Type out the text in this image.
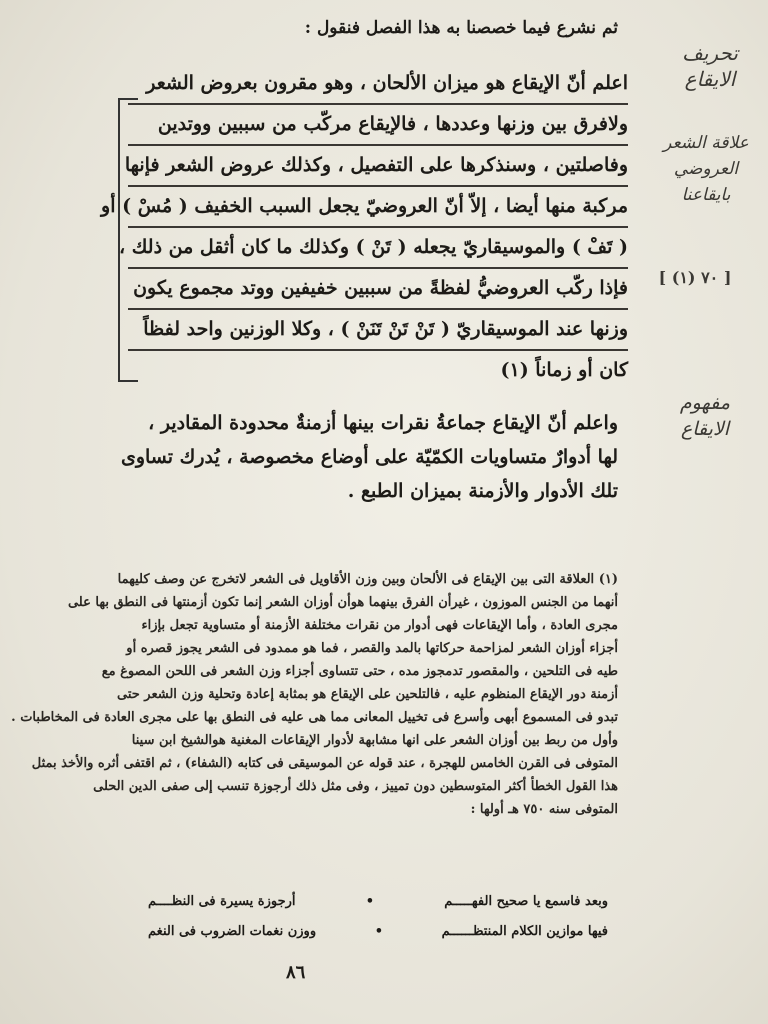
ثم نشرع فيما خصصنا به هذا الفصل فنقول :
اعلم أنّ الإيقاع هو ميزان الألحان ، وهو مقرون بعروض الشعر
ولافرق بين وزنها وعددها ، فالإيقاع مركّب من سببين ووتدين
وفاصلتين ، وسنذكرها على التفصيل ، وكذلك عروض الشعر فإنها
مركبة منها أيضا ، إلاّ أنّ العروضيّ يجعل السبب الخفيف ( مُسْ ) أو
( تَفْ ) والموسيقاريّ يجعله ( تَنْ ) وكذلك ما كان أثقل من ذلك ،
فإذا ركّب العروضيُّ لفظةً من سببين خفيفين ووتد مجموع يكون
وزنها عند الموسيقاريّ ( تَنْ تَنْ تَنَنْ ) ، وكلا الوزنين واحد لفظاً
كان أو زماناً (١)
واعلم أنّ الإيقاع جماعةُ نقرات بينها أزمنةٌ محدودة المقادير ،
لها أدوارٌ متساويات الكمّيّة على أوضاع مخصوصة ، يُدرك تساوى
تلك الأدوار والأزمنة بميزان الطبع .
(١) العلاقة التى بين الإيقاع فى الألحان وبين وزن الأقاويل فى الشعر لاتخرج عن وصف كليهما
أنهما من الجنس الموزون ، غيرأن الفرق بينهما هوأن أوزان الشعر إنما تكون أزمنتها فى النطق بها على
مجرى العادة ، وأما الإيقاعات فهى أدوار من نقرات مختلفة الأزمنة أو متساوية تجعل بإزاء
أجزاء أوزان الشعر لمزاحمة حركاتها بالمد والقصر ، فما هو ممدود فى الشعر يجوز قصره أو
طيه فى التلحين ، والمقصور تدمجوز مده ، حتى تتساوى أجزاء وزن الشعر فى اللحن المصوغ مع
أزمنة دور الإيقاع المنظوم عليه ، فالتلحين على الإيقاع هو بمثابة إعادة وتحلية وزن الشعر حتى
تبدو فى المسموع أبهى وأسرع فى تخييل المعانى مما هى عليه فى النطق بها على مجرى العادة فى المخاطبات .
وأول من ربط بين أوزان الشعر على انها مشابهة لأدوار الإيقاعات المغنية هوالشيخ ابن سينا
المتوفى فى القرن الخامس للهجرة ، عند قوله عن الموسيقى فى كتابه (الشفاء) ، ثم اقتفى أثره والأخذ بمثل
هذا القول الخطأ أكثر المتوسطين دون تمييز ، وفى مثل ذلك أرجوزة تنسب إلى صفى الدين الحلى
المتوفى سنه ٧٥٠ هـ أولها :
وبعد فاسمع يا صحيح الفهـــــم
•
أرجوزة يسيرة فى النظــــم
فيها موازين الكلام المنتظــــــم
•
ووزن نغمات الضروب فى النغم
٨٦
تحريف الايقاع
علاقة الشعر العروضي بايقاعنا
[ ٧٠ (١) ]
مفهوم الايقاع
